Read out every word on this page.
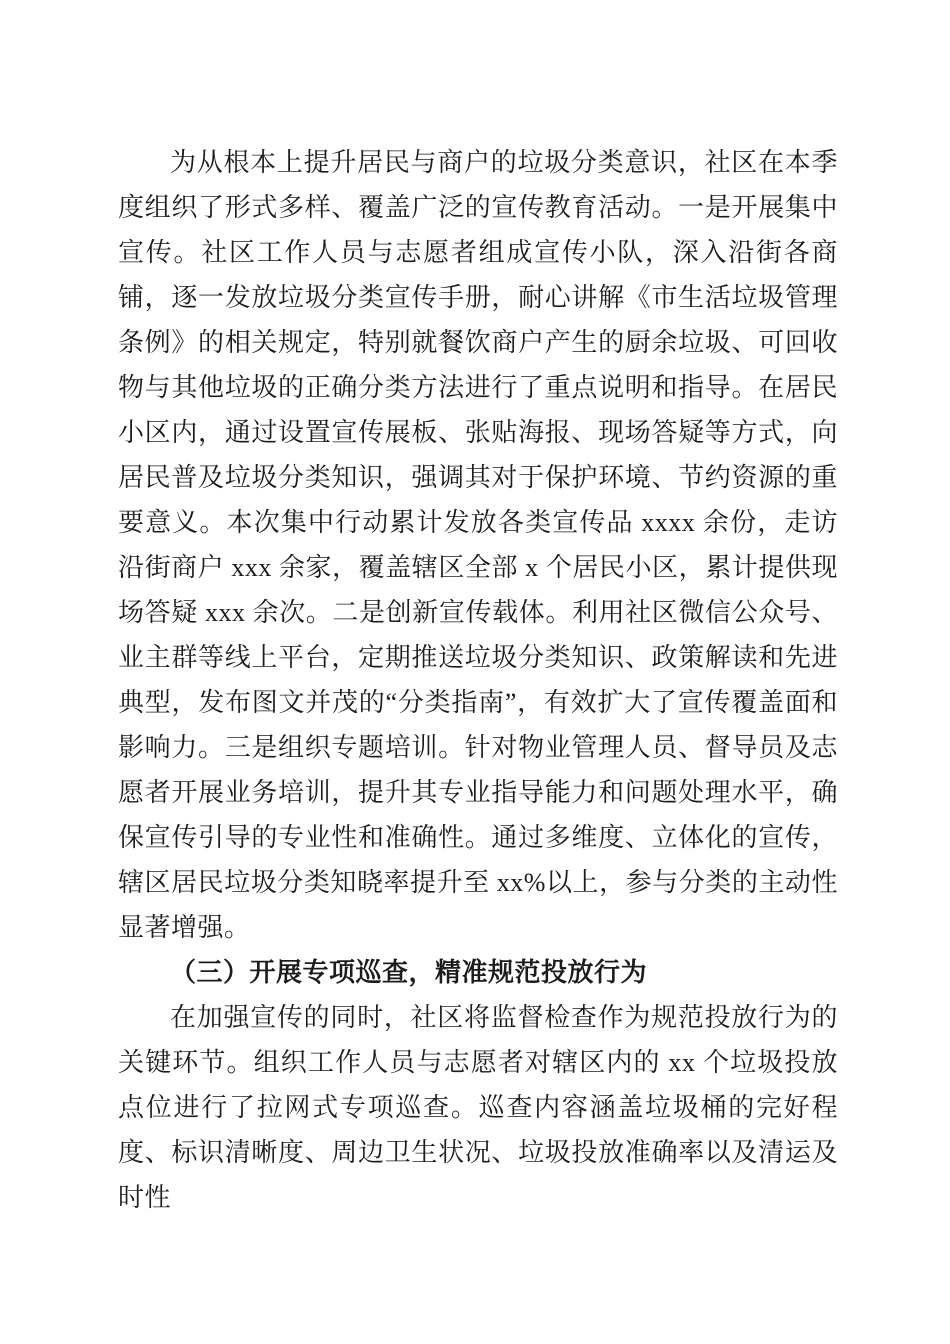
为从根本上提升居民与商户的垃圾分类意识，社区在本季度组织了形式多样、覆盖广泛的宣传教育活动。一是开展集中宣传。社区工作人员与志愿者组成宣传小队，深入沿街各商铺，逐一发放垃圾分类宣传手册，耐心讲解《市生活垃圾管理条例》的相关规定，特别就餐饮商户产生的厨余垃圾、可回收物与其他垃圾的正确分类方法进行了重点说明和指导。在居民小区内，通过设置宣传展板、张贴海报、现场答疑等方式，向居民普及垃圾分类知识，强调其对于保护环境、节约资源的重要意义。本次集中行动累计发放各类宣传品 xxxx 余份，走访沿街商户 xxx 余家，覆盖辖区全部 x 个居民小区，累计提供现场答疑 xxx 余次。二是创新宣传载体。利用社区微信公众号、业主群等线上平台，定期推送垃圾分类知识、政策解读和先进典型，发布图文并茂的“分类指南”，有效扩大了宣传覆盖面和影响力。三是组织专题培训。针对物业管理人员、督导员及志愿者开展业务培训，提升其专业指导能力和问题处理水平，确保宣传引导的专业性和准确性。通过多维度、立体化的宣传，辖区居民垃圾分类知晓率提升至 xx%以上，参与分类的主动性显著增强。

（三）开展专项巡查，精准规范投放行为

在加强宣传的同时，社区将监督检查作为规范投放行为的关键环节。组织工作人员与志愿者对辖区内的 xx 个垃圾投放点位进行了拉网式专项巡查。巡查内容涵盖垃圾桶的完好程度、标识清晰度、周边卫生状况、垃圾投放准确率以及清运及时性
